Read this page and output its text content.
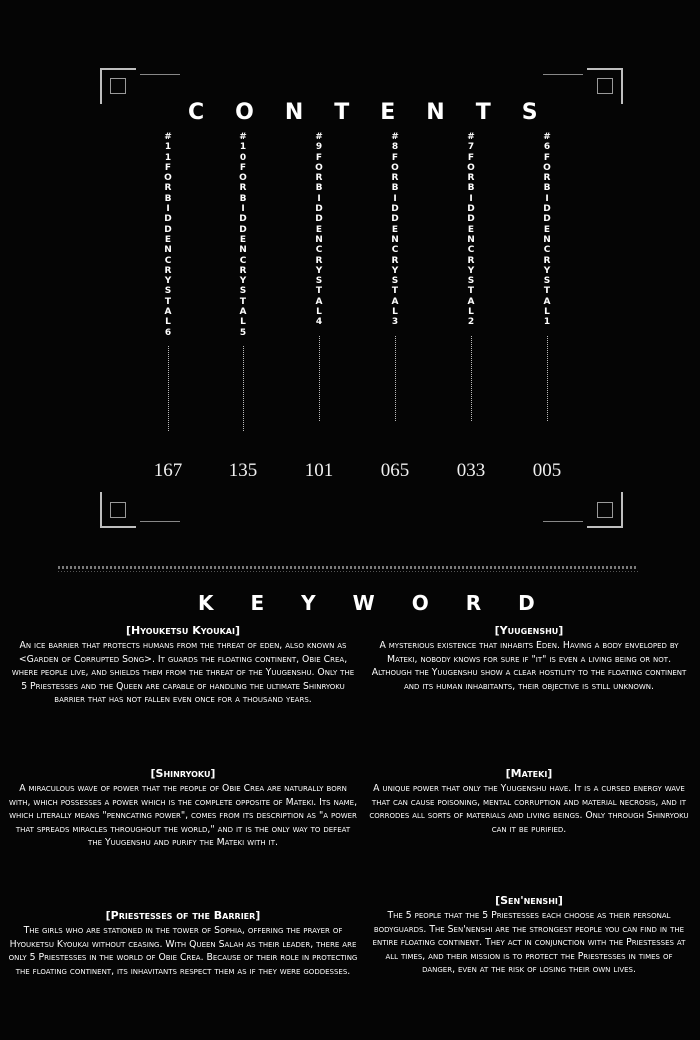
CONTENTS
#11FORBIDDENCRYSTAL6
167
#10FORBIDDENCRYSTAL5
135
#9FORBIDDENCRYSTAL4
101
#8FORBIDDENCRYSTAL3
065
#7FORBIDDENCRYSTAL2
033
#6FORBIDDENCRYSTAL1
005
KEYWORD
[Hyouketsu Kyoukai]
An ice barrier that protects humans from the threat of eden, also known as <Garden of Corrupted Song>. It guards the floating continent, Obie Crea, where people live, and shields them from the threat of the Yuugenshu. Only the 5 Priestesses and the Queen are capable of handling the ultimate Shinryoku barrier that has not fallen even once for a thousand years.
[Yuugenshu]
A mysterious existence that inhabits Eden. Having a body enveloped by Mateki, nobody knows for sure if "it" is even a living being or not. Although the Yuugenshu show a clear hostility to the floating continent and its human inhabitants, their objective is still unknown.
[Shinryoku]
A miraculous wave of power that the people of Obie Crea are naturally born with, which possesses a power which is the complete opposite of Mateki. Its name, which literally means "penncating power", comes from its description as "a power that spreads miracles throughout the world," and it is the only way to defeat the Yuugenshu and purify the Mateki with it.
[Mateki]
A unique power that only the Yuugenshu have. It is a cursed energy wave that can cause poisoning, mental corruption and material necrosis, and it corrodes all sorts of materials and living beings. Only through Shinryoku can it be purified.
[Priestesses of the Barrier]
The girls who are stationed in the tower of Sophia, offering the prayer of Hyouketsu Kyoukai without ceasing. With Queen Salah as their leader, there are only 5 Priestesses in the world of Obie Crea. Because of their role in protecting the floating continent, its inhavitants respect them as if they were goddesses.
[Sen'nenshi]
The 5 people that the 5 Priestesses each choose as their personal bodyguards. The Sen'nenshi are the strongest people you can find in the entire floating continent. They act in conjunction with the Priestesses at all times, and their mission is to protect the Priestesses in times of danger, even at the risk of losing their own lives.
